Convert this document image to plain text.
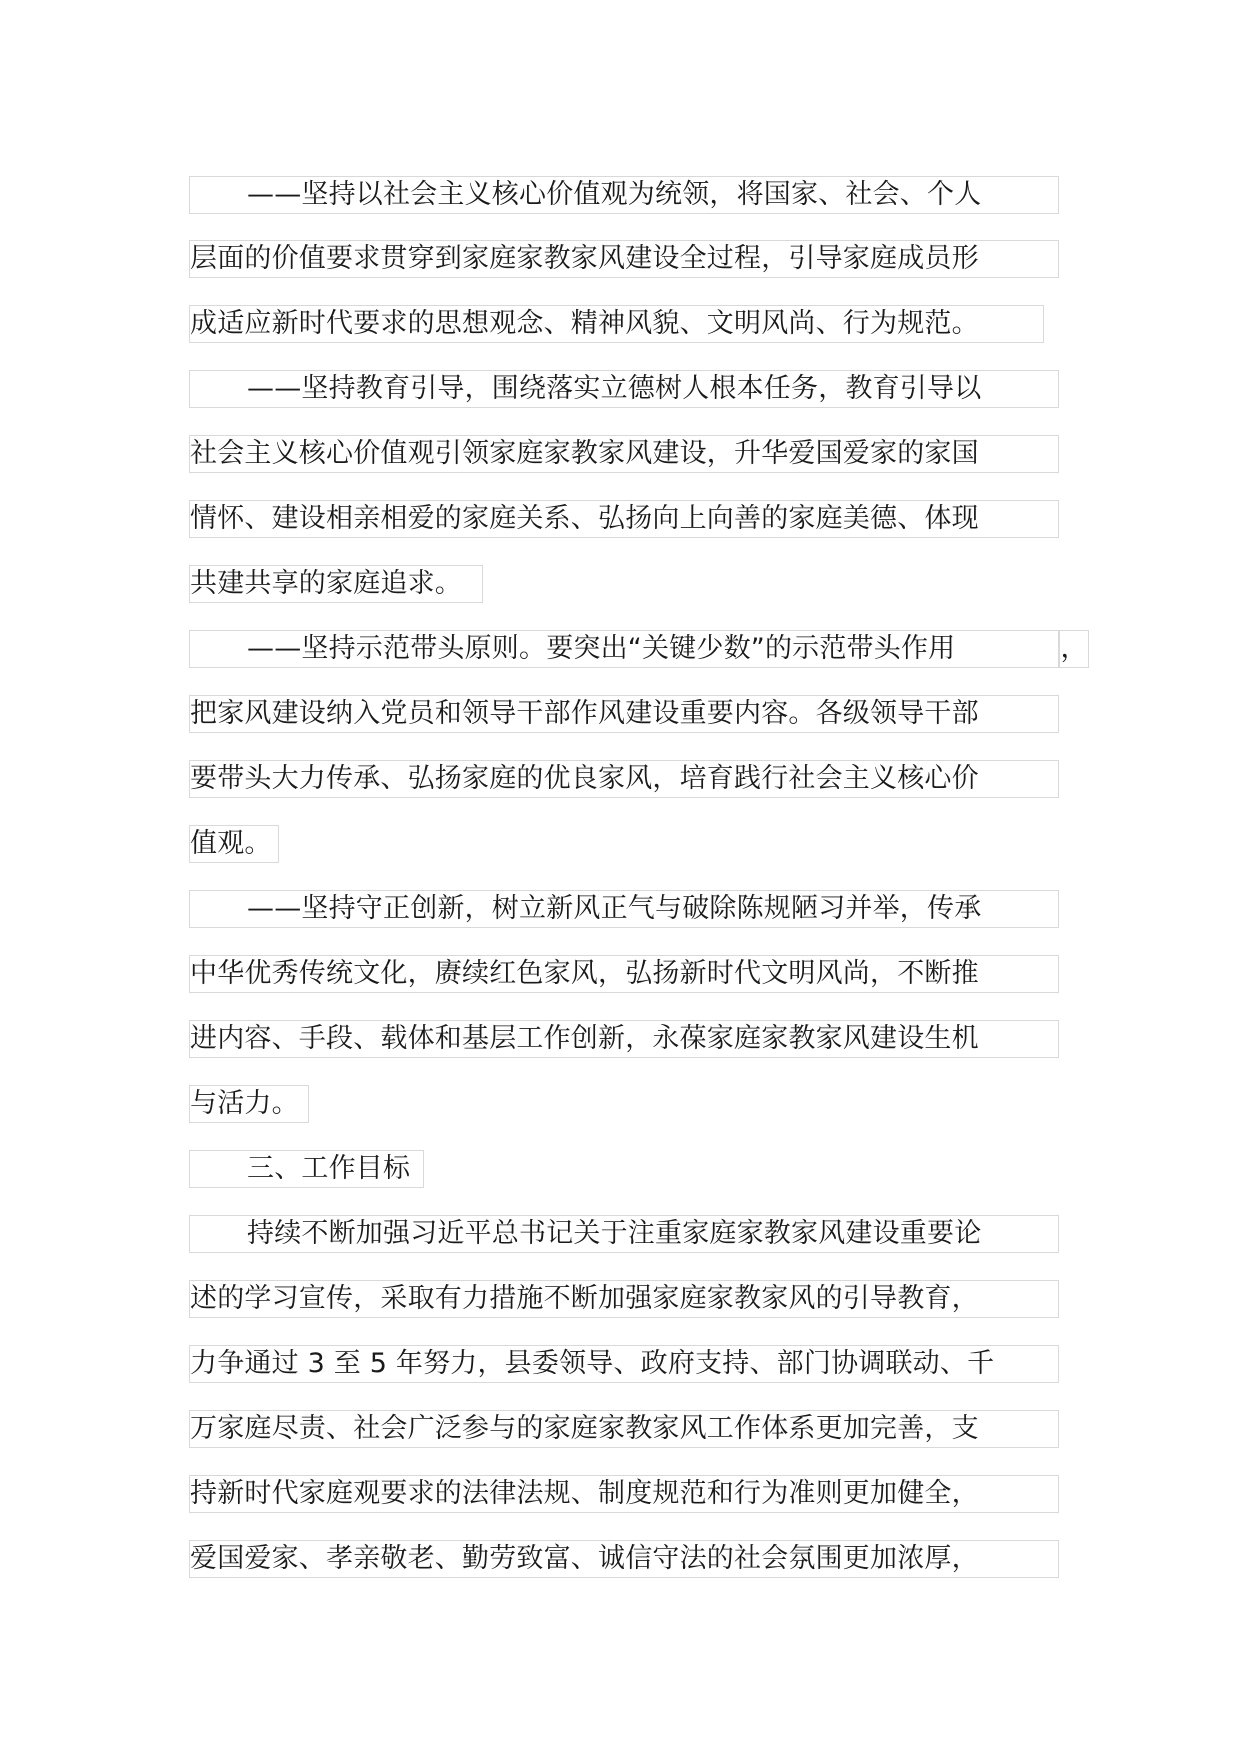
——坚持以社会主义核心价值观为统领，将国家、社会、个人
层面的价值要求贯穿到家庭家教家风建设全过程，引导家庭成员形
成适应新时代要求的思想观念、精神风貌、文明风尚、行为规范。
——坚持教育引导，围绕落实立德树人根本任务，教育引导以
社会主义核心价值观引领家庭家教家风建设，升华爱国爱家的家国
情怀、建设相亲相爱的家庭关系、弘扬向上向善的家庭美德、体现
共建共享的家庭追求。
——坚持示范带头原则。要突出“关键少数”的示范带头作用	，
把家风建设纳入党员和领导干部作风建设重要内容。各级领导干部
要带头大力传承、弘扬家庭的优良家风，培育践行社会主义核心价
值观。
——坚持守正创新，树立新风正气与破除陈规陋习并举，传承
中华优秀传统文化，赓续红色家风，弘扬新时代文明风尚，不断推
进内容、手段、载体和基层工作创新，永葆家庭家教家风建设生机
与活力。
三、工作目标
持续不断加强习近平总书记关于注重家庭家教家风建设重要论
述的学习宣传，采取有力措施不断加强家庭家教家风的引导教育，
力争通过 3 至 5 年努力，县委领导、政府支持、部门协调联动、千
万家庭尽责、社会广泛参与的家庭家教家风工作体系更加完善，支
持新时代家庭观要求的法律法规、制度规范和行为准则更加健全，
爱国爱家、孝亲敬老、勤劳致富、诚信守法的社会氛围更加浓厚，
